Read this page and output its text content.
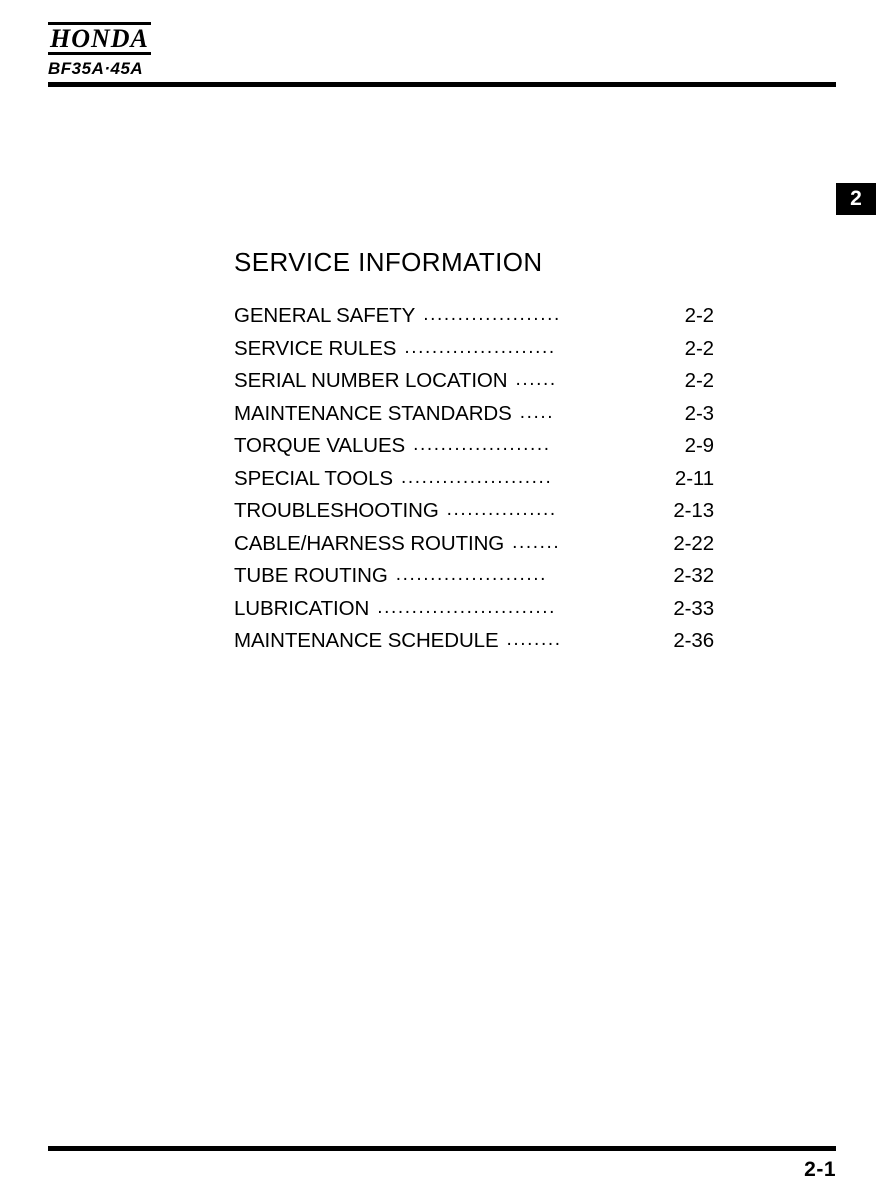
HONDA
BF35A·45A
2
SERVICE INFORMATION
GENERAL SAFETY ....................	2-2
SERVICE RULES ......................	2-2
SERIAL NUMBER LOCATION ......	2-2
MAINTENANCE STANDARDS .....	2-3
TORQUE VALUES ....................	2-9
SPECIAL TOOLS ......................	2-11
TROUBLESHOOTING ................	2-13
CABLE/HARNESS ROUTING .......	2-22
TUBE ROUTING ......................	2-32
LUBRICATION ..........................	2-33
MAINTENANCE SCHEDULE ........	2-36
2-1
